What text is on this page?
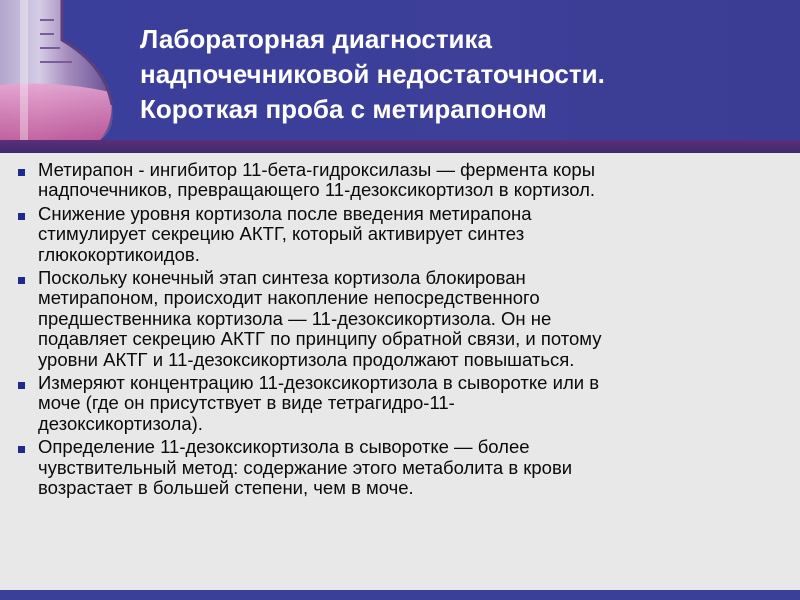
Лабораторная диагностика
надпочечниковой недостаточности.
Короткая проба с метирапоном
Метирапон - ингибитор 11-бета-гидроксилазы — фермента коры
надпочечников, превращающего 11-дезоксикортизол в кортизол.
Снижение уровня кортизола после введения метирапона
стимулирует секрецию АКТГ, который активирует синтез
глюкокортикоидов.
Поскольку конечный этап синтеза кортизола блокирован
метирапоном, происходит накопление непосредственного
предшественника кортизола — 11-дезоксикортизола. Он не
подавляет секрецию АКТГ по принципу обратной связи, и потому
уровни АКТГ и 11-дезоксикортизола продолжают повышаться.
Измеряют концентрацию 11-дезоксикортизола в сыворотке или в
моче (где он присутствует в виде тетрагидро-11-
дезоксикортизола).
Определение 11-дезоксикортизола в сыворотке — более
чувствительный метод: содержание этого метаболита в крови
возрастает в большей степени, чем в моче.
